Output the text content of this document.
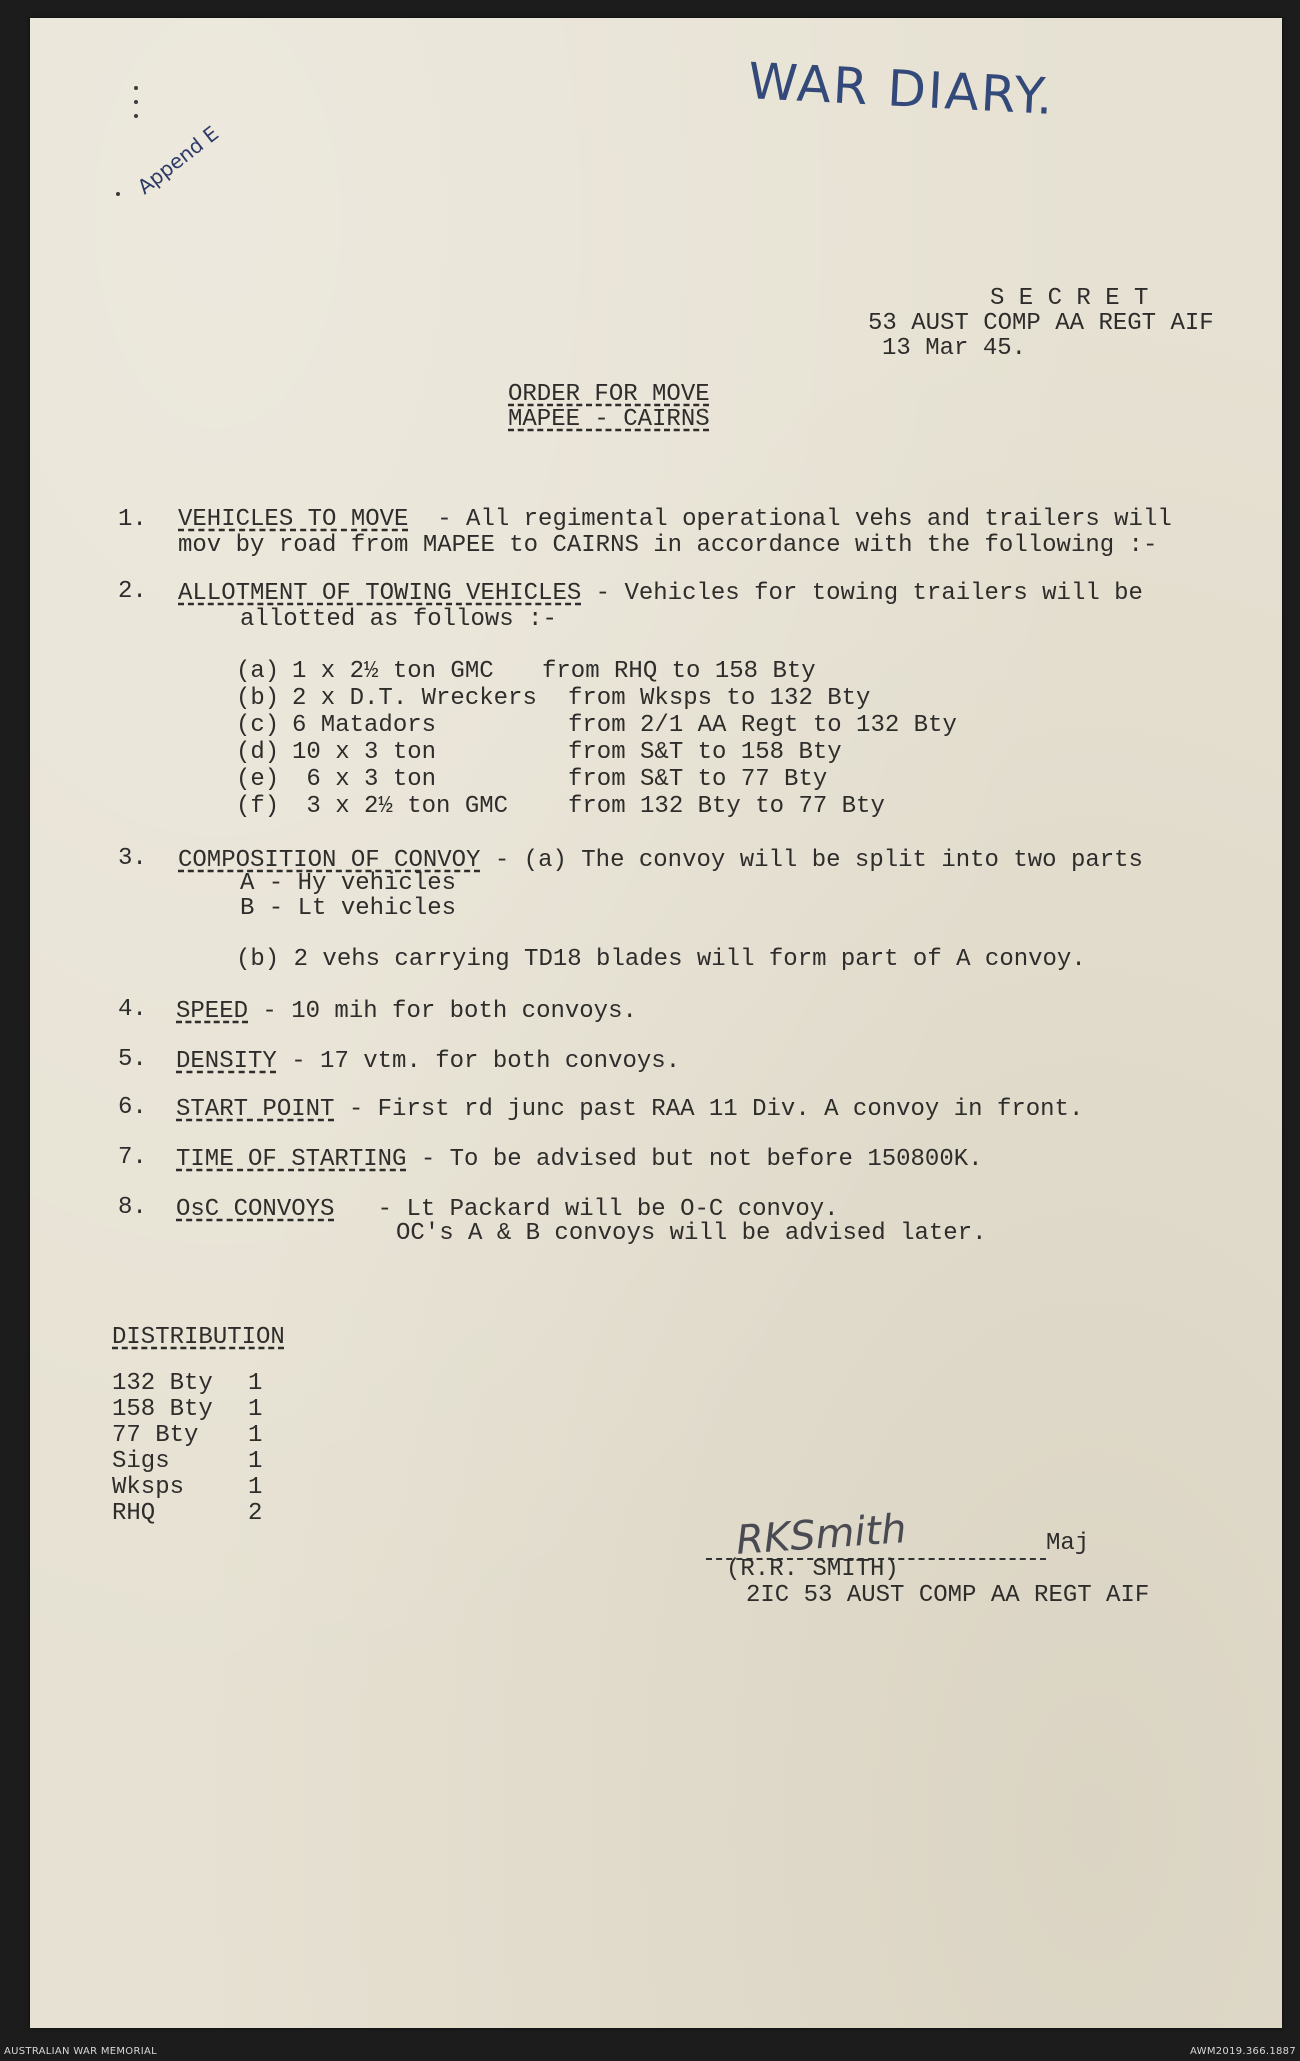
WAR DIARY.
Append E
S E C R E T
53 AUST COMP AA REGT AIF
13 Mar 45.
ORDER FOR MOVE
MAPEE - CAIRNS
1. VEHICLES TO MOVE  - All regimental operational vehs and trailers will
mov by road from MAPEE to CAIRNS in accordance with the following :-
2. ALLOTMENT OF TOWING VEHICLES - Vehicles for towing trailers will be
allotted as follows :-
(a) 1 x 2½ ton GMC from RHQ to 158 Bty
(b) 2 x D.T. Wreckers from Wksps to 132 Bty
(c) 6 Matadors	from 2/1 AA Regt to 132 Bty
(d) 10 x 3 ton	from S&T to 158 Bty
(e) 6 x 3 ton	from S&T to 77 Bty
(f) 3 x 2½ ton GMC from 132 Bty to 77 Bty
3. COMPOSITION OF CONVOY - (a) The convoy will be split into two parts
A - Hy vehicles
B - Lt vehicles
(b) 2 vehs carrying TD18 blades will form part of A convoy.
4. SPEED - 10 mih for both convoys.
5. DENSITY - 17 vtm. for both convoys.
6. START POINT - First rd junc past RAA 11 Div. A convoy in front.
7. TIME OF STARTING - To be advised but not before 150800K.
8. OsC CONVOYS   - Lt Packard will be O-C convoy.
OC's A & B convoys will be advised later.
DISTRIBUTION
132 Bty 1
158 Bty 1
77 Bty 1
Sigs	1
Wksps	1
RHQ	2	RKSmith	Maj
(R.R. SMITH)
2IC 53 AUST COMP AA REGT AIF
AUSTRALIAN WAR MEMORIAL	AWM2019.366.1887
